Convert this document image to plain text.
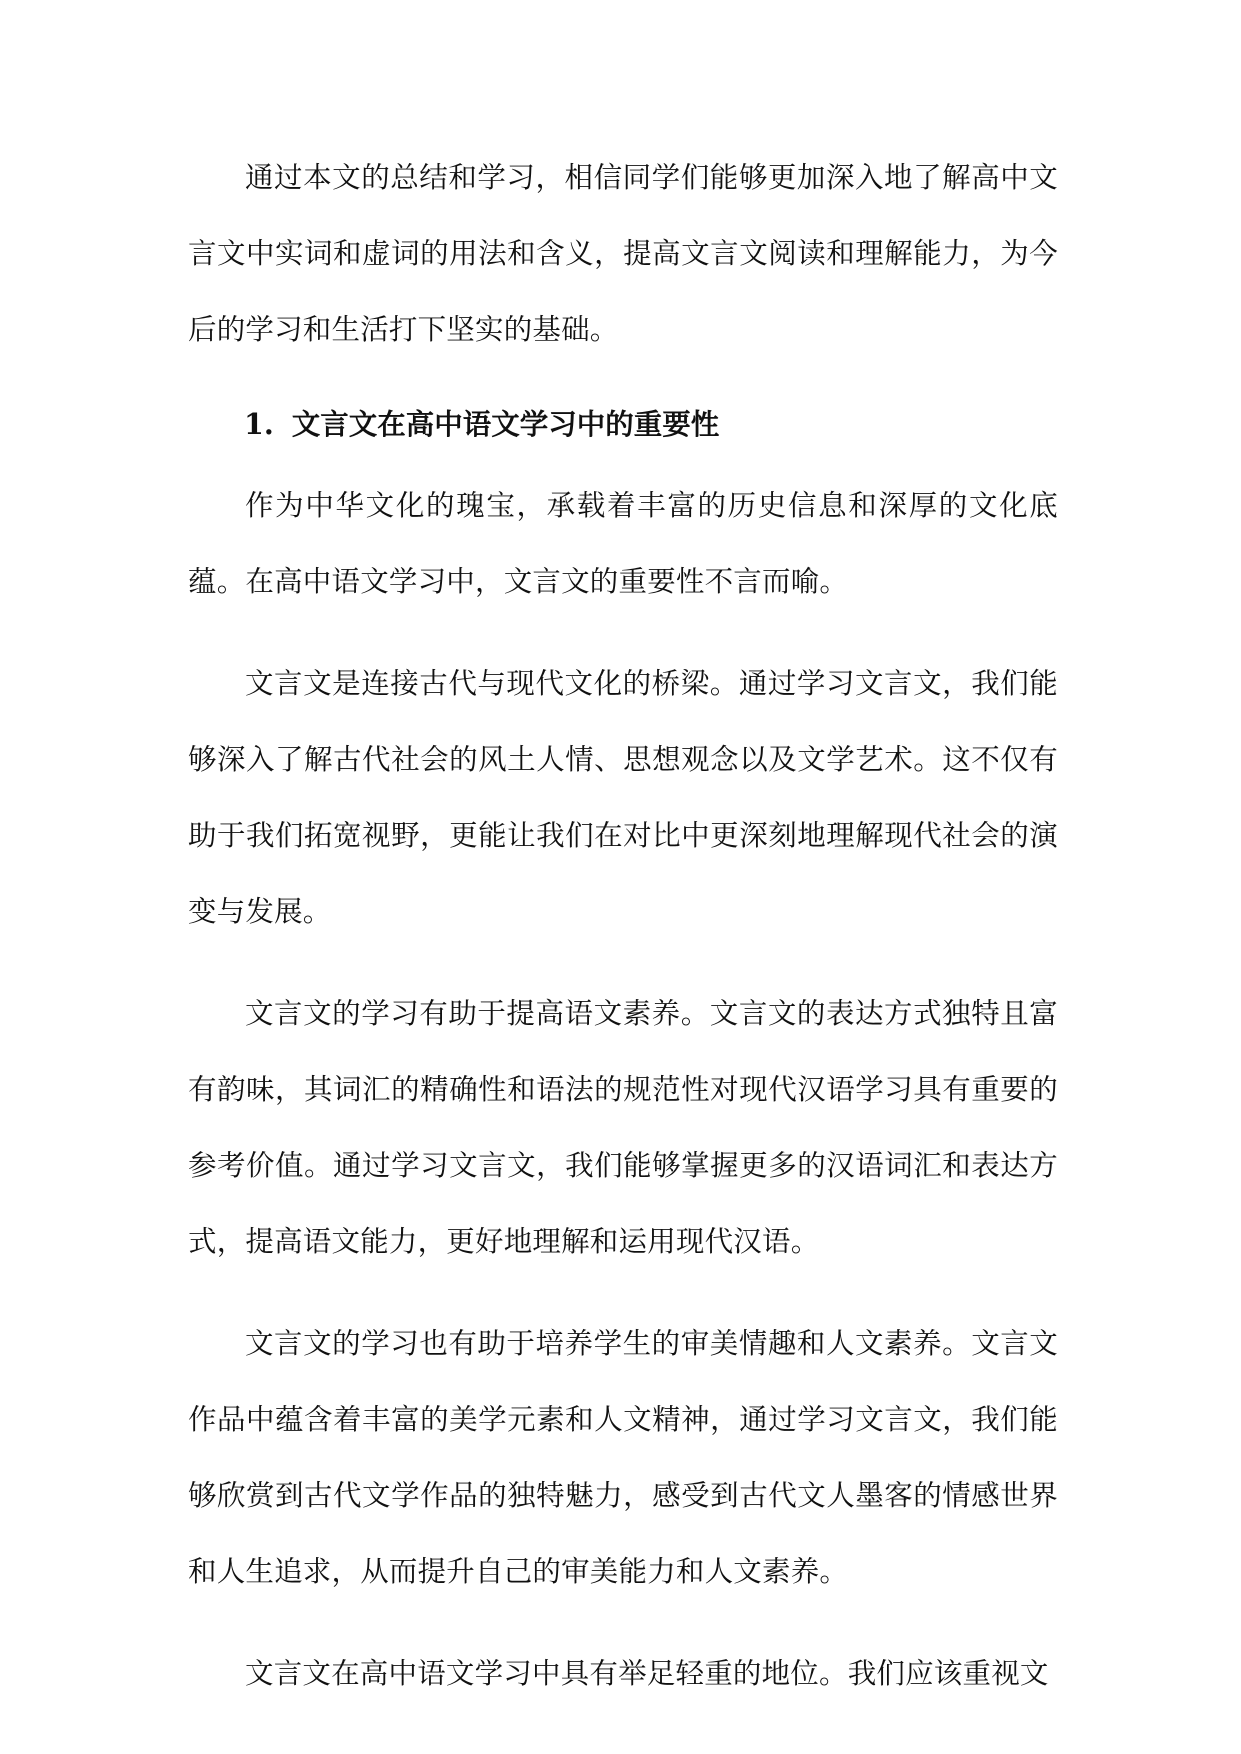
通过本文的总结和学习，相信同学们能够更加深入地了解高中文言文中实词和虚词的用法和含义，提高文言文阅读和理解能力，为今后的学习和生活打下坚实的基础。

1. 文言文在高中语文学习中的重要性

作为中华文化的瑰宝，承载着丰富的历史信息和深厚的文化底蕴。在高中语文学习中，文言文的重要性不言而喻。

文言文是连接古代与现代文化的桥梁。通过学习文言文，我们能够深入了解古代社会的风土人情、思想观念以及文学艺术。这不仅有助于我们拓宽视野，更能让我们在对比中更深刻地理解现代社会的演变与发展。

文言文的学习有助于提高语文素养。文言文的表达方式独特且富有韵味，其词汇的精确性和语法的规范性对现代汉语学习具有重要的参考价值。通过学习文言文，我们能够掌握更多的汉语词汇和表达方式，提高语文能力，更好地理解和运用现代汉语。

文言文的学习也有助于培养学生的审美情趣和人文素养。文言文作品中蕴含着丰富的美学元素和人文精神，通过学习文言文，我们能够欣赏到古代文学作品的独特魅力，感受到古代文人墨客的情感世界和人生追求，从而提升自己的审美能力和人文素养。

文言文在高中语文学习中具有举足轻重的地位。我们应该重视文
